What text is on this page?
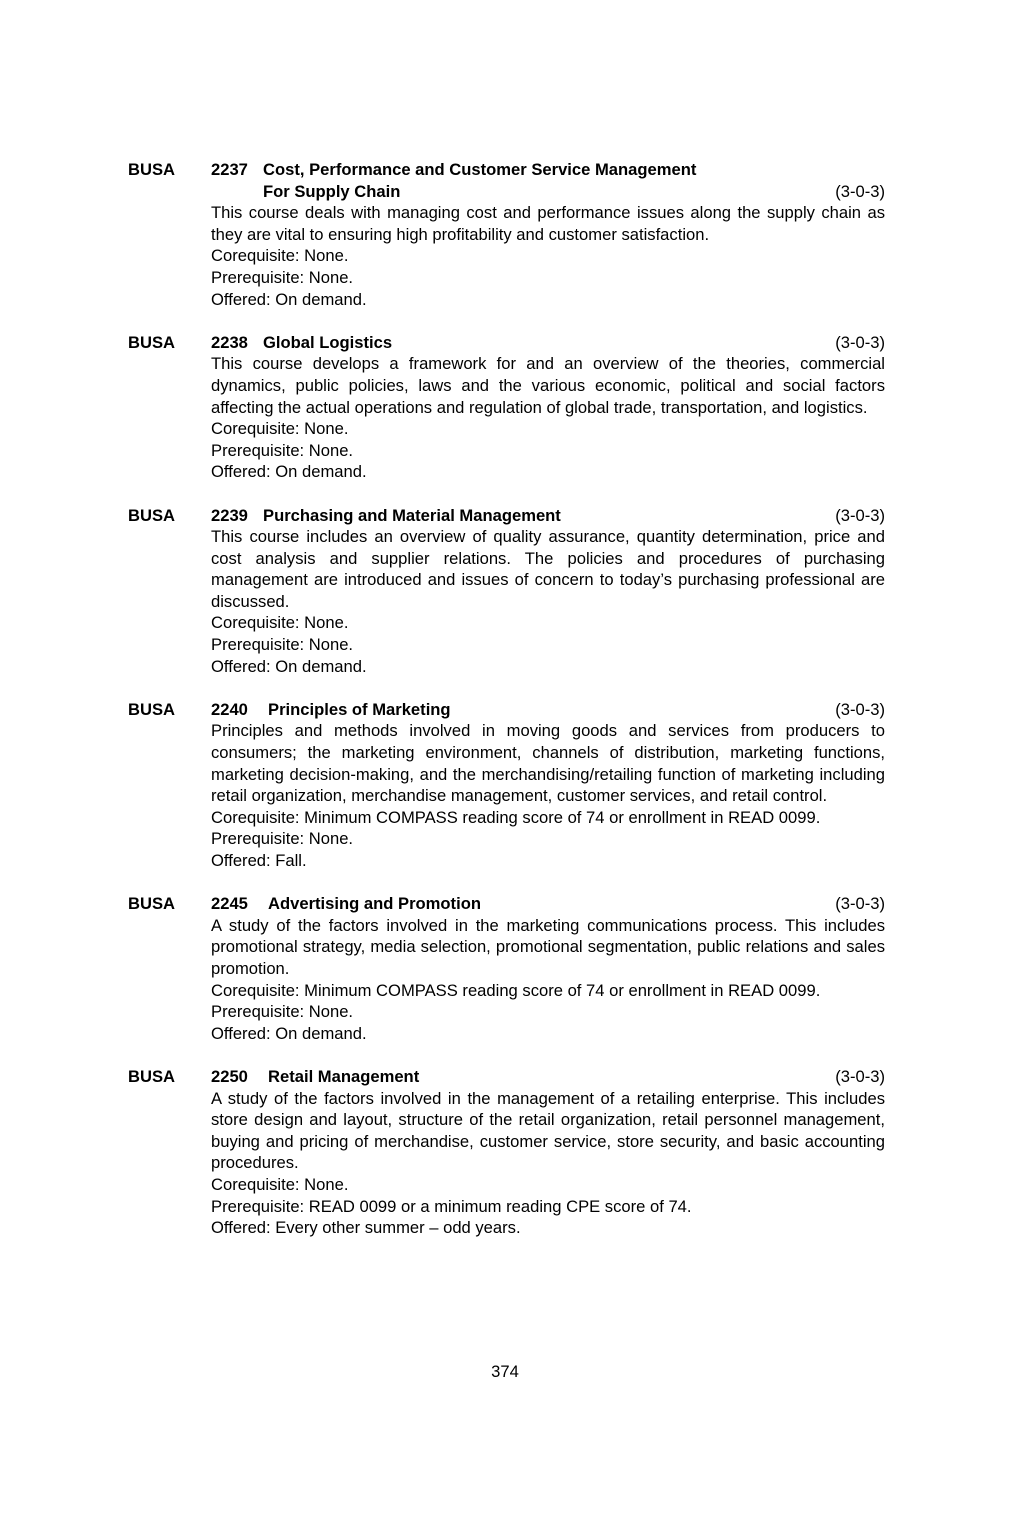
BUSA 2237 Cost, Performance and Customer Service Management
For Supply Chain	(3-0-3)

This course deals with managing cost and performance issues along the supply chain as they are vital to ensuring high profitability and customer satisfaction.

Corequisite: None.

Prerequisite: None.

Offered: On demand.

BUSA 2238 Global Logistics	(3-0-3)

This course develops a framework for and an overview of the theories, commercial dynamics, public policies, laws and the various economic, political and social factors affecting the actual operations and regulation of global trade, transportation, and logistics.

Corequisite: None.

Prerequisite: None.

Offered: On demand.

BUSA 2239 Purchasing and Material Management	(3-0-3)

This course includes an overview of quality assurance, quantity determination, price and cost analysis and supplier relations. The policies and procedures of purchasing management are introduced and issues of concern to today’s purchasing professional are discussed.

Corequisite: None.

Prerequisite: None.

Offered: On demand.

BUSA 2240 Principles of Marketing	(3-0-3)

Principles and methods involved in moving goods and services from producers to consumers; the marketing environment, channels of distribution, marketing functions, marketing decision-making, and the merchandising/retailing function of marketing including retail organization, merchandise management, customer services, and retail control.

Corequisite: Minimum COMPASS reading score of 74 or enrollment in READ 0099.

Prerequisite: None.

Offered: Fall.

BUSA 2245 Advertising and Promotion	(3-0-3)

A study of the factors involved in the marketing communications process. This includes promotional strategy, media selection, promotional segmentation, public relations and sales promotion.

Corequisite: Minimum COMPASS reading score of 74 or enrollment in READ 0099.

Prerequisite: None.

Offered: On demand.

BUSA 2250 Retail Management	(3-0-3)

A study of the factors involved in the management of a retailing enterprise. This includes store design and layout, structure of the retail organization, retail personnel management, buying and pricing of merchandise, customer service, store security, and basic accounting procedures.

Corequisite: None.

Prerequisite: READ 0099 or a minimum reading CPE score of 74.

Offered: Every other summer – odd years.

374
